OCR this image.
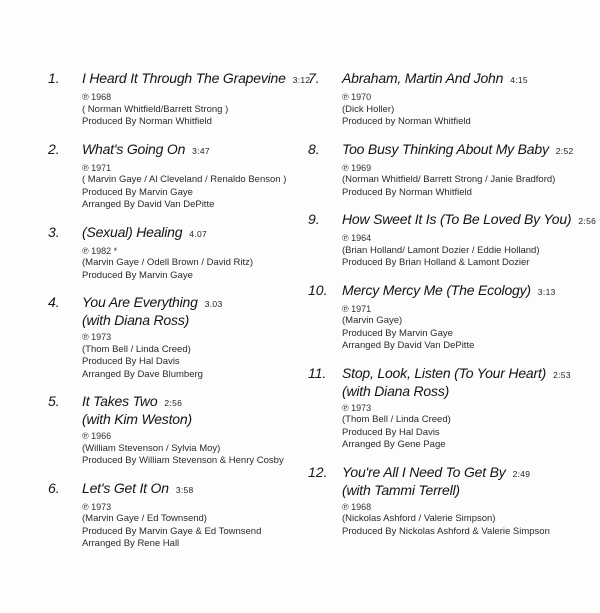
1.	I Heard It Through The Grapevine 3:12
℗ 1968
( Norman Whitfield/Barrett Strong )
Produced By Norman Whitfield
2.	What's Going On 3:47
℗ 1971
( Marvin Gaye / Al Cleveland / Renaldo Benson )
Produced By Marvin Gaye
Arranged By David Van DePitte
3.	(Sexual) Healing 4.07
℗ 1982 *
(Marvin Gaye / Odell Brown / David Ritz)
Produced By Marvin Gaye
4.	You Are Everything 3.03
(with Diana Ross)
℗ 1973
(Thom Bell / Linda Creed)
Produced By Hal Davis
Arranged By Dave Blumberg
5.	It Takes Two 2:56
(with Kim Weston)
℗ 1966
(William Stevenson / Sylvia Moy)
Produced By William Stevenson & Henry Cosby
6.	Let's Get It On 3:58
℗ 1973
(Marvin Gaye / Ed Townsend)
Produced By Marvin Gaye & Ed Townsend
Arranged By Rene Hall
7.	Abraham, Martin And John 4:15
℗ 1970
(Dick Holler)
Produced by Norman Whitfield
8.	Too Busy Thinking About My Baby 2:52
℗ 1969
(Norman Whitfield/ Barrett Strong / Janie Bradford)
Produced By Norman Whitfield
9.	How Sweet It Is (To Be Loved By You) 2:56
℗ 1964
(Brian Holland/ Lamont Dozier / Eddie Holland)
Produced By Brian Holland & Lamont Dozier
10.	Mercy Mercy Me (The Ecology) 3:13
℗ 1971
(Marvin Gaye)
Produced By Marvin Gaye
Arranged By David Van DePitte
11.	Stop, Look, Listen (To Your Heart) 2:53
(with Diana Ross)
℗ 1973
(Thom Bell / Linda Creed)
Produced By Hal Davis
Arranged By Gene Page
12.	You're All I Need To Get By 2:49
(with Tammi Terrell)
℗ 1968
(Nickolas Ashford / Valerie Simpson)
Produced By Nickolas Ashford & Valerie Simpson
